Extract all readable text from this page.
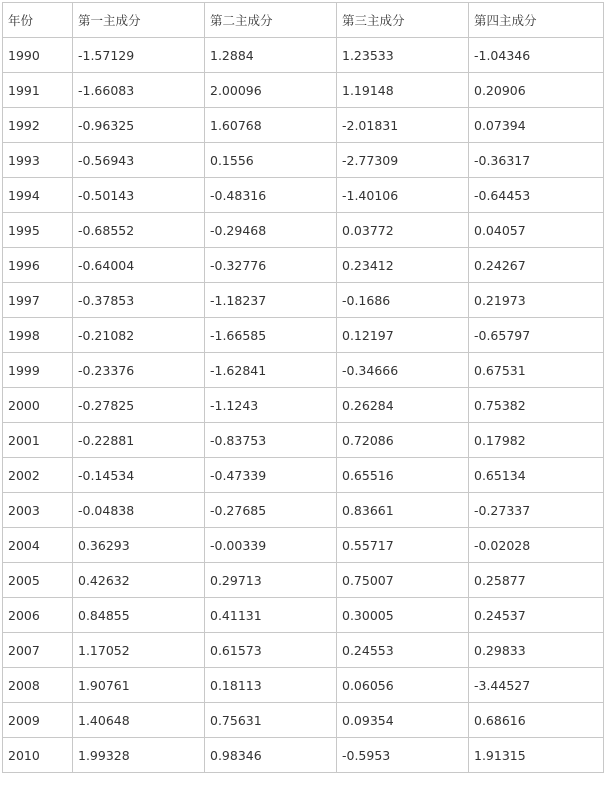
年份	第一主成分	第二主成分	第三主成分	第四主成分
1990	-1.57129	1.2884	1.23533	-1.04346
1991	-1.66083	2.00096	1.19148	0.20906
1992	-0.96325	1.60768	-2.01831	0.07394
1993	-0.56943	0.1556	-2.77309	-0.36317
1994	-0.50143	-0.48316	-1.40106	-0.64453
1995	-0.68552	-0.29468	0.03772	0.04057
1996	-0.64004	-0.32776	0.23412	0.24267
1997	-0.37853	-1.18237	-0.1686	0.21973
1998	-0.21082	-1.66585	0.12197	-0.65797
1999	-0.23376	-1.62841	-0.34666	0.67531
2000	-0.27825	-1.1243	0.26284	0.75382
2001	-0.22881	-0.83753	0.72086	0.17982
2002	-0.14534	-0.47339	0.65516	0.65134
2003	-0.04838	-0.27685	0.83661	-0.27337
2004	0.36293	-0.00339	0.55717	-0.02028
2005	0.42632	0.29713	0.75007	0.25877
2006	0.84855	0.41131	0.30005	0.24537
2007	1.17052	0.61573	0.24553	0.29833
2008	1.90761	0.18113	0.06056	-3.44527
2009	1.40648	0.75631	0.09354	0.68616
2010	1.99328	0.98346	-0.5953	1.91315
